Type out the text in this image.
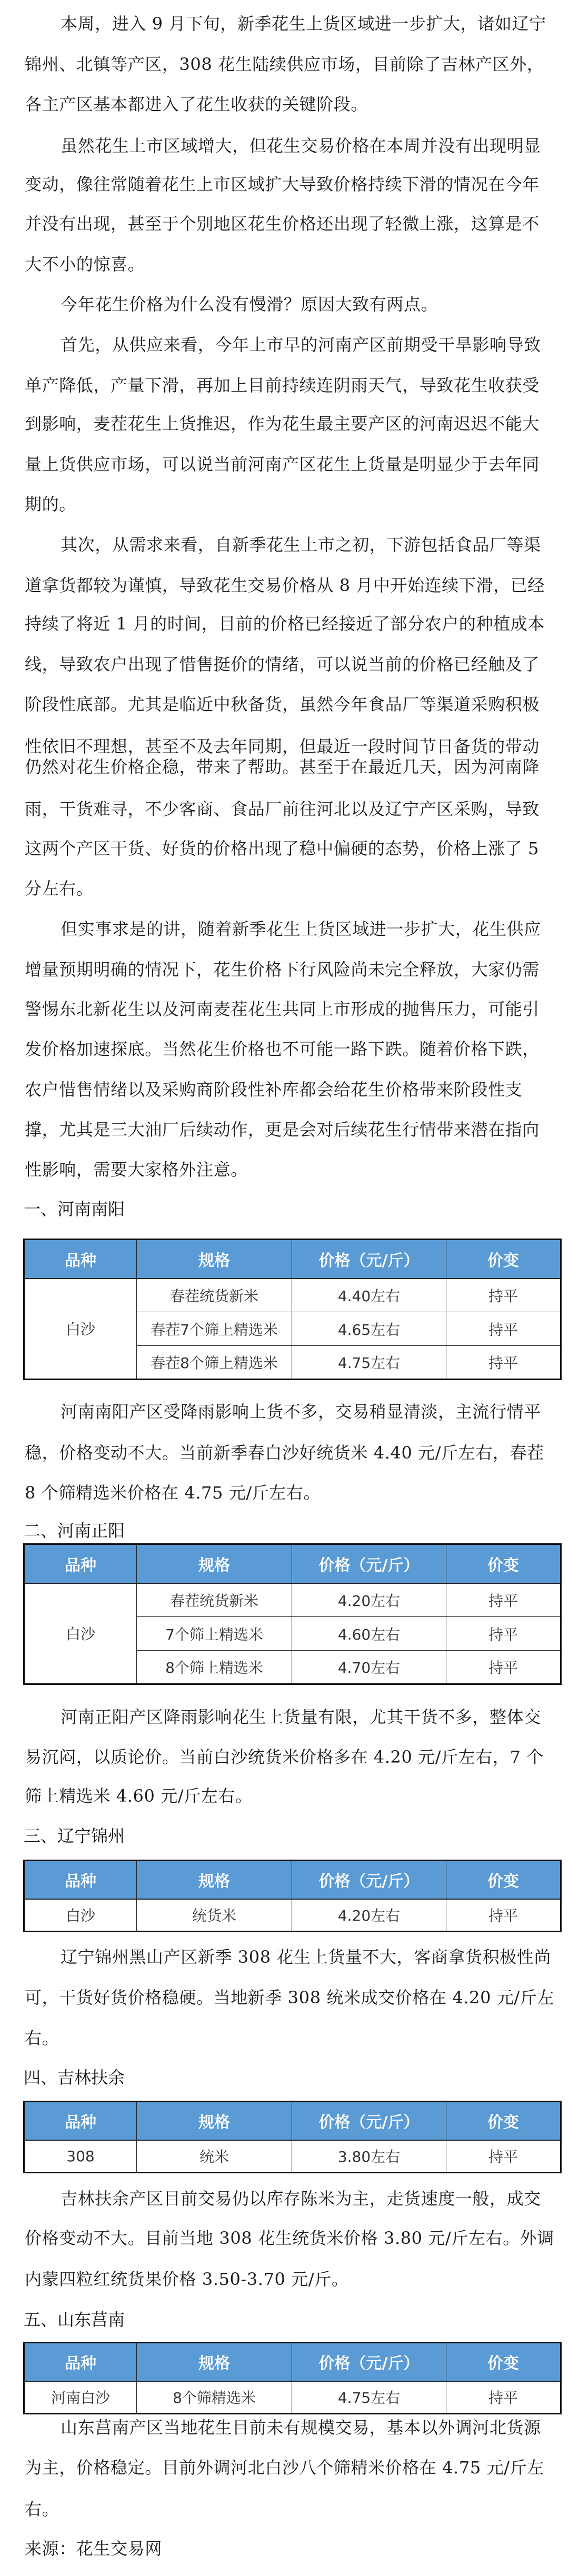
本周，进入 9 月下旬，新季花生上货区域进一步扩大，诸如辽宁
锦州、北镇等产区，308 花生陆续供应市场，目前除了吉林产区外，
各主产区基本都进入了花生收获的关键阶段。
虽然花生上市区域增大，但花生交易价格在本周并没有出现明显
变动，像往常随着花生上市区域扩大导致价格持续下滑的情况在今年
并没有出现，甚至于个别地区花生价格还出现了轻微上涨，这算是不
大不小的惊喜。
今年花生价格为什么没有慢滑？原因大致有两点。
首先，从供应来看，今年上市早的河南产区前期受干旱影响导致
单产降低，产量下滑，再加上目前持续连阴雨天气，导致花生收获受
到影响，麦茬花生上货推迟，作为花生最主要产区的河南迟迟不能大
量上货供应市场，可以说当前河南产区花生上货量是明显少于去年同
期的。
其次，从需求来看，自新季花生上市之初，下游包括食品厂等渠
道拿货都较为谨慎，导致花生交易价格从 8 月中开始连续下滑，已经
持续了将近 1 月的时间，目前的价格已经接近了部分农户的种植成本
线，导致农户出现了惜售挺价的情绪，可以说当前的价格已经触及了
阶段性底部。尤其是临近中秋备货，虽然今年食品厂等渠道采购积极
性依旧不理想，甚至不及去年同期，但最近一段时间节日备货的带动
仍然对花生价格企稳，带来了帮助。甚至于在最近几天，因为河南降
雨，干货难寻，不少客商、食品厂前往河北以及辽宁产区采购，导致
这两个产区干货、好货的价格出现了稳中偏硬的态势，价格上涨了 5
分左右。
但实事求是的讲，随着新季花生上货区域进一步扩大，花生供应
增量预期明确的情况下，花生价格下行风险尚未完全释放，大家仍需
警惕东北新花生以及河南麦茬花生共同上市形成的抛售压力，可能引
发价格加速探底。当然花生价格也不可能一路下跌。随着价格下跌，
农户惜售情绪以及采购商阶段性补库都会给花生价格带来阶段性支
撑，尤其是三大油厂后续动作，更是会对后续花生行情带来潜在指向
性影响，需要大家格外注意。
一、河南南阳
品种	规格	价格（元/斤）	价变
白沙	春茬统货新米	4.40左右	持平
	春茬7个筛上精选米	4.65左右	持平
	春茬8个筛上精选米	4.75左右	持平
河南南阳产区受降雨影响上货不多，交易稍显清淡，主流行情平
稳，价格变动不大。当前新季春白沙好统货米 4.40 元/斤左右，春茬
8 个筛精选米价格在 4.75 元/斤左右。
二、河南正阳
品种	规格	价格（元/斤）	价变
白沙	春茬统货新米	4.20左右	持平
	7个筛上精选米	4.60左右	持平
	8个筛上精选米	4.70左右	持平
河南正阳产区降雨影响花生上货量有限，尤其干货不多，整体交
易沉闷，以质论价。当前白沙统货米价格多在 4.20 元/斤左右，7 个
筛上精选米 4.60 元/斤左右。
三、辽宁锦州
品种	规格	价格（元/斤）	价变
白沙	统货米	4.20左右	持平
辽宁锦州黑山产区新季 308 花生上货量不大，客商拿货积极性尚
可，干货好货价格稳硬。当地新季 308 统米成交价格在 4.20 元/斤左
右。
四、吉林扶余
品种	规格	价格（元/斤）	价变
308	统米	3.80左右	持平
吉林扶余产区目前交易仍以库存陈米为主，走货速度一般，成交
价格变动不大。目前当地 308 花生统货米价格 3.80 元/斤左右。外调
内蒙四粒红统货果价格 3.50-3.70 元/斤。
五、山东莒南
品种	规格	价格（元/斤）	价变
河南白沙	8个筛精选米	4.75左右	持平
山东莒南产区当地花生目前未有规模交易，基本以外调河北货源
为主，价格稳定。目前外调河北白沙八个筛精米价格在 4.75 元/斤左
右。
来源：花生交易网
